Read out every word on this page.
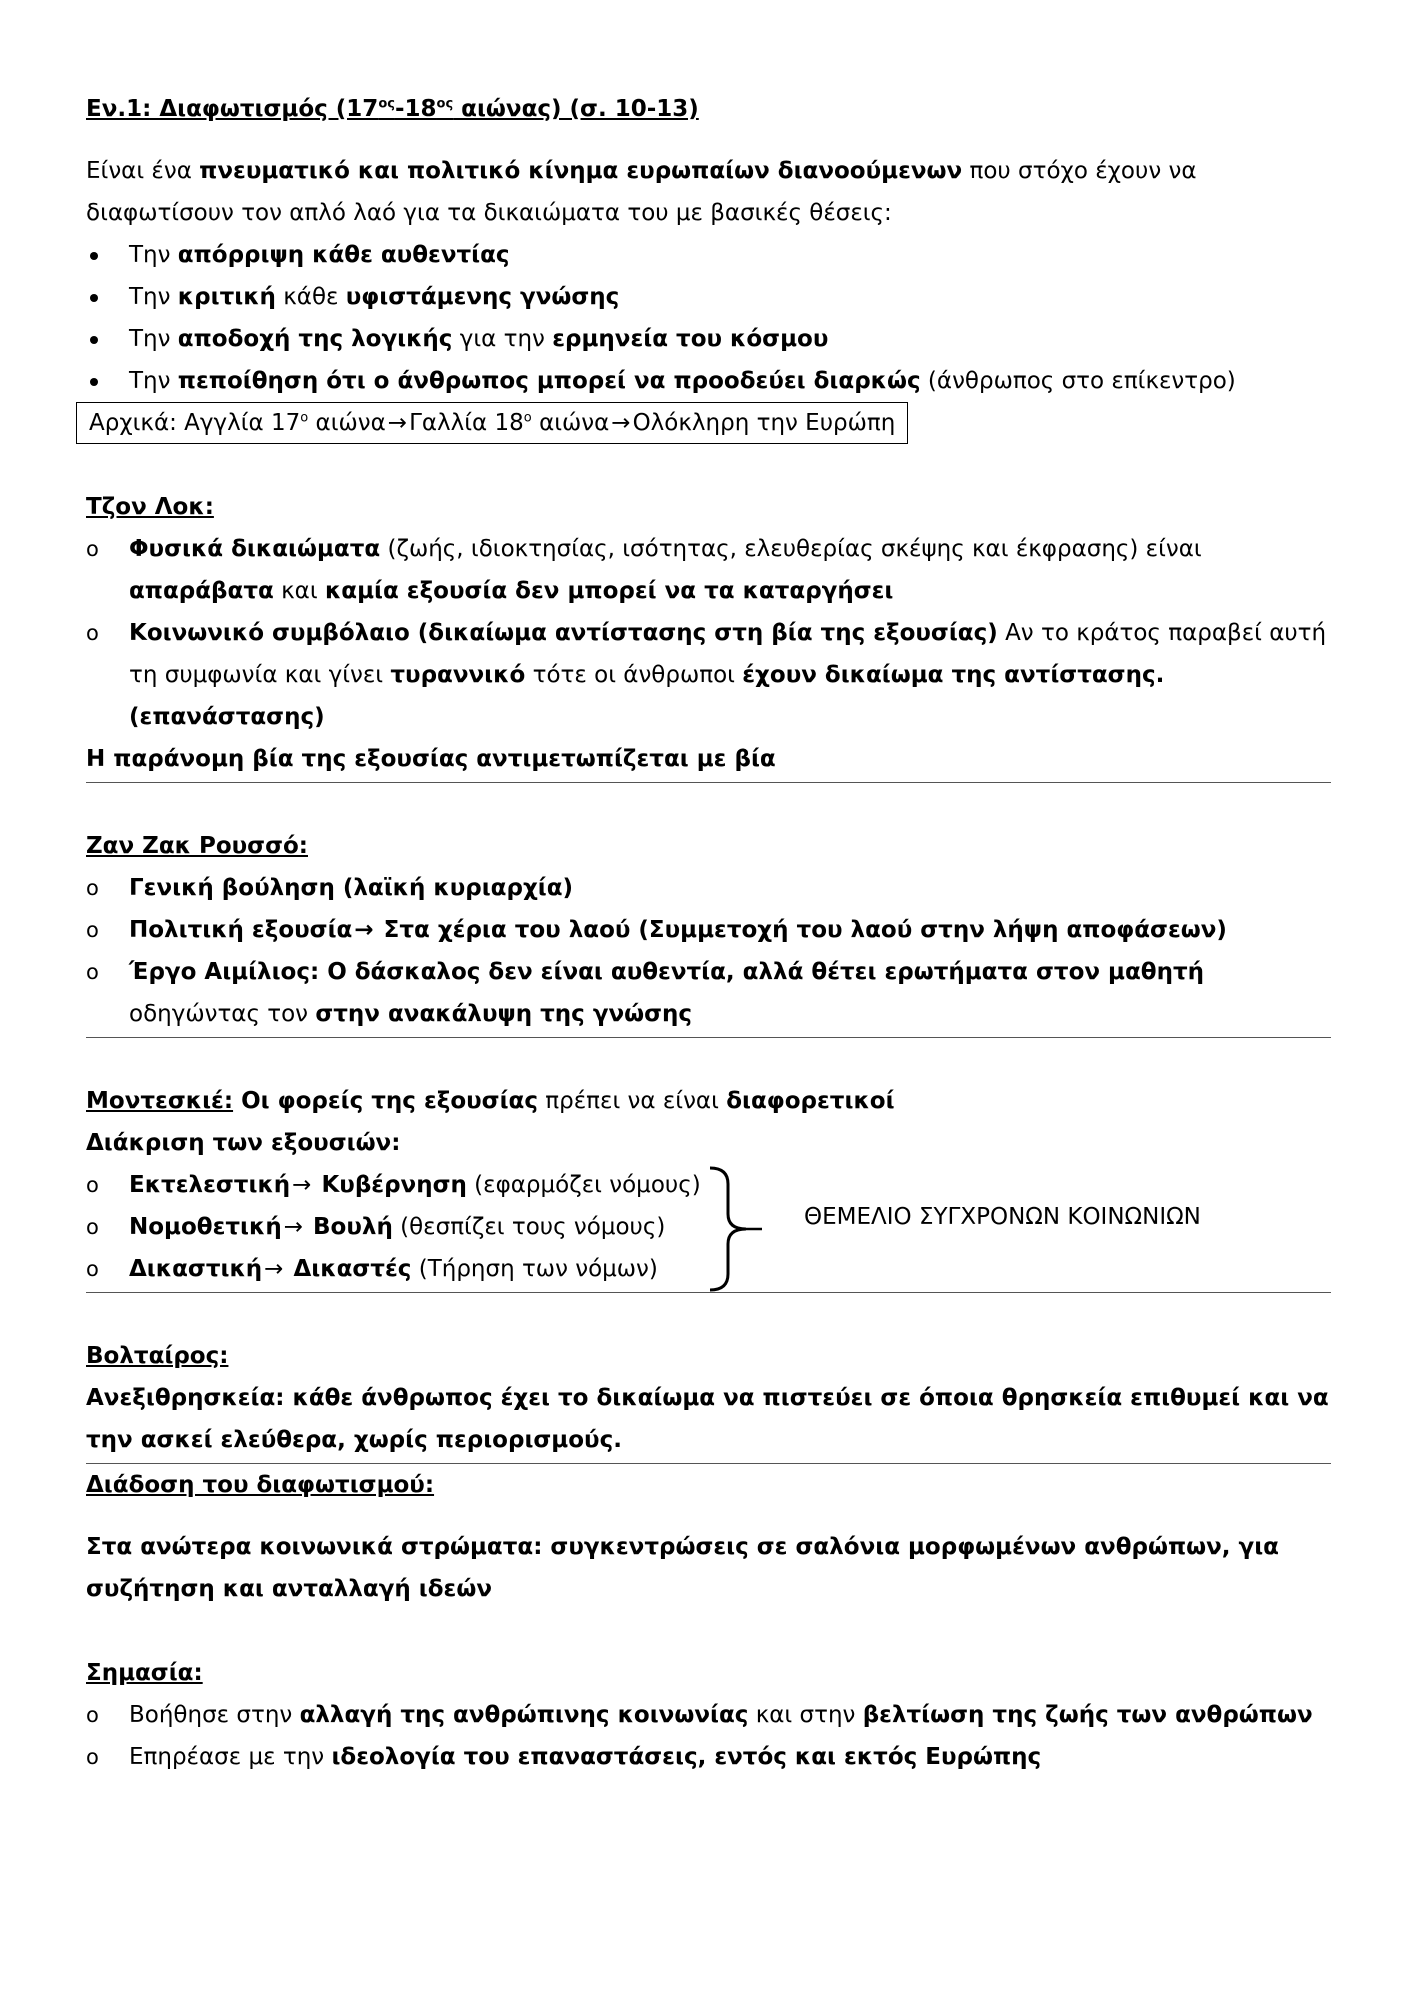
Εν.1: Διαφωτισμός ($17^{o\varsigma}-18^{o\varsigma}$ αιώνας) (σ. 10-13)

Είναι ένα πνευματικό και πολιτικό κίνημα ευρωπαίων διανοούμενων που στόχο έχουν να διαφωτίσουν τον απλό λαό για τα δικαιώματα του με βασικές θέσεις:

Την απόρριψη κάθε αυθεντίας
Την κριτική κάθε υφιστάμενης γνώσης
Την αποδοχή της λογικής για την ερμηνεία του κόσμου
Την πεποίθηση ότι ο άνθρωπος μπορεί να προοδεύει διαρκώς (άνθρωπος στο επίκεντρο)

Αρχικά: Αγγλία $17^o$ αιώνα→Γαλλία $18^o$ αιώνα→Ολόκληρη την Ευρώπη

Τζον Λοκ:

o	Φυσικά δικαιώματα (ζωής, ιδιοκτησίας, ισότητας, ελευθερίας σκέψης και έκφρασης) είναι απαράβατα και καμία εξουσία δεν μπορεί να τα καταργήσει
o	Κοινωνικό συμβόλαιο (δικαίωμα αντίστασης στη βία της εξουσίας) Αν το κράτος παραβεί αυτή τη συμφωνία και γίνει τυραννικό τότε οι άνθρωποι έχουν δικαίωμα της αντίστασης. (επανάστασης)

Η παράνομη βία της εξουσίας αντιμετωπίζεται με βία

Ζαν Ζακ Ρουσσό:

o	Γενική βούληση (λαϊκή κυριαρχία)
o	Πολιτική εξουσία→ Στα χέρια του λαού (Συμμετοχή του λαού στην λήψη αποφάσεων)
o	Έργο Αιμίλιος: Ο δάσκαλος δεν είναι αυθεντία, αλλά θέτει ερωτήματα στον μαθητή οδηγώντας τον στην ανακάλυψη της γνώσης

Μοντεσκιέ: Οι φορείς της εξουσίας πρέπει να είναι διαφορετικοί

Διάκριση των εξουσιών:

o	Εκτελεστική→ Κυβέρνηση (εφαρμόζει νόμους)
o	Νομοθετική→ Βουλή (θεσπίζει τους νόμους)
o	Δικαστική→ Δικαστές (Τήρηση των νόμων)
ΘΕΜΕΛΙΟ ΣΥΓΧΡΟΝΩΝ ΚΟΙΝΩΝΙΩΝ

Βολταίρος:

Ανεξιθρησκεία: κάθε άνθρωπος έχει το δικαίωμα να πιστεύει σε όποια θρησκεία επιθυμεί και να την ασκεί ελεύθερα, χωρίς περιορισμούς.

Διάδοση του διαφωτισμού:

Στα ανώτερα κοινωνικά στρώματα: συγκεντρώσεις σε σαλόνια μορφωμένων ανθρώπων, για συζήτηση και ανταλλαγή ιδεών

Σημασία:

o	Βοήθησε στην αλλαγή της ανθρώπινης κοινωνίας και στην βελτίωση της ζωής των ανθρώπων
o	Επηρέασε με την ιδεολογία του επαναστάσεις, εντός και εκτός Ευρώπης
